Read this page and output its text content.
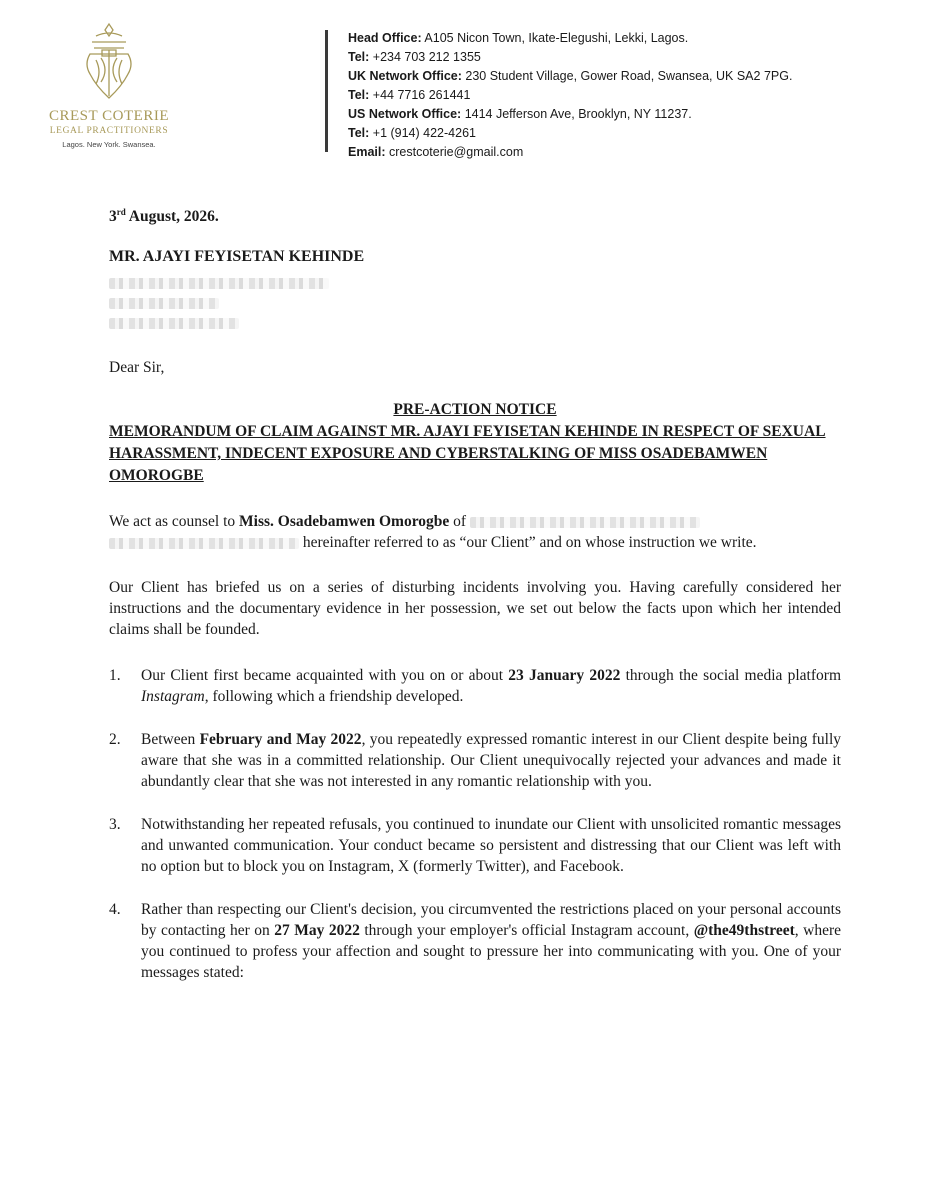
CREST COTERIE
LEGAL PRACTITIONERS
Lagos. New York. Swansea.
Head Office: A105 Nicon Town, Ikate-Elegushi, Lekki, Lagos.
Tel: +234 703 212 1355
UK Network Office: 230 Student Village, Gower Road, Swansea, UK SA2 7PG.
Tel: +44 7716 261441
US Network Office: 1414 Jefferson Ave, Brooklyn, NY 11237.
Tel: +1 (914) 422-4261
Email: crestcoterie@gmail.com
3rd August, 2026.
MR. AJAYI FEYISETAN KEHINDE
Dear Sir,
PRE-ACTION NOTICE
MEMORANDUM OF CLAIM AGAINST MR. AJAYI FEYISETAN KEHINDE IN RESPECT OF SEXUAL HARASSMENT, INDECENT EXPOSURE AND CYBERSTALKING OF MISS OSADEBAMWEN OMOROGBE
We act as counsel to Miss. Osadebamwen Omorogbe of
hereinafter referred to as “our Client” and on whose instruction we write.
Our Client has briefed us on a series of disturbing incidents involving you. Having carefully considered her instructions and the documentary evidence in her possession, we set out below the facts upon which her intended claims shall be founded.
1. Our Client first became acquainted with you on or about 23 January 2022 through the social media platform Instagram, following which a friendship developed.
2. Between February and May 2022, you repeatedly expressed romantic interest in our Client despite being fully aware that she was in a committed relationship. Our Client unequivocally rejected your advances and made it abundantly clear that she was not interested in any romantic relationship with you.
3. Notwithstanding her repeated refusals, you continued to inundate our Client with unsolicited romantic messages and unwanted communication. Your conduct became so persistent and distressing that our Client was left with no option but to block you on Instagram, X (formerly Twitter), and Facebook.
4. Rather than respecting our Client's decision, you circumvented the restrictions placed on your personal accounts by contacting her on 27 May 2022 through your employer's official Instagram account, @the49thstreet, where you continued to profess your affection and sought to pressure her into communicating with you. One of your messages stated:
